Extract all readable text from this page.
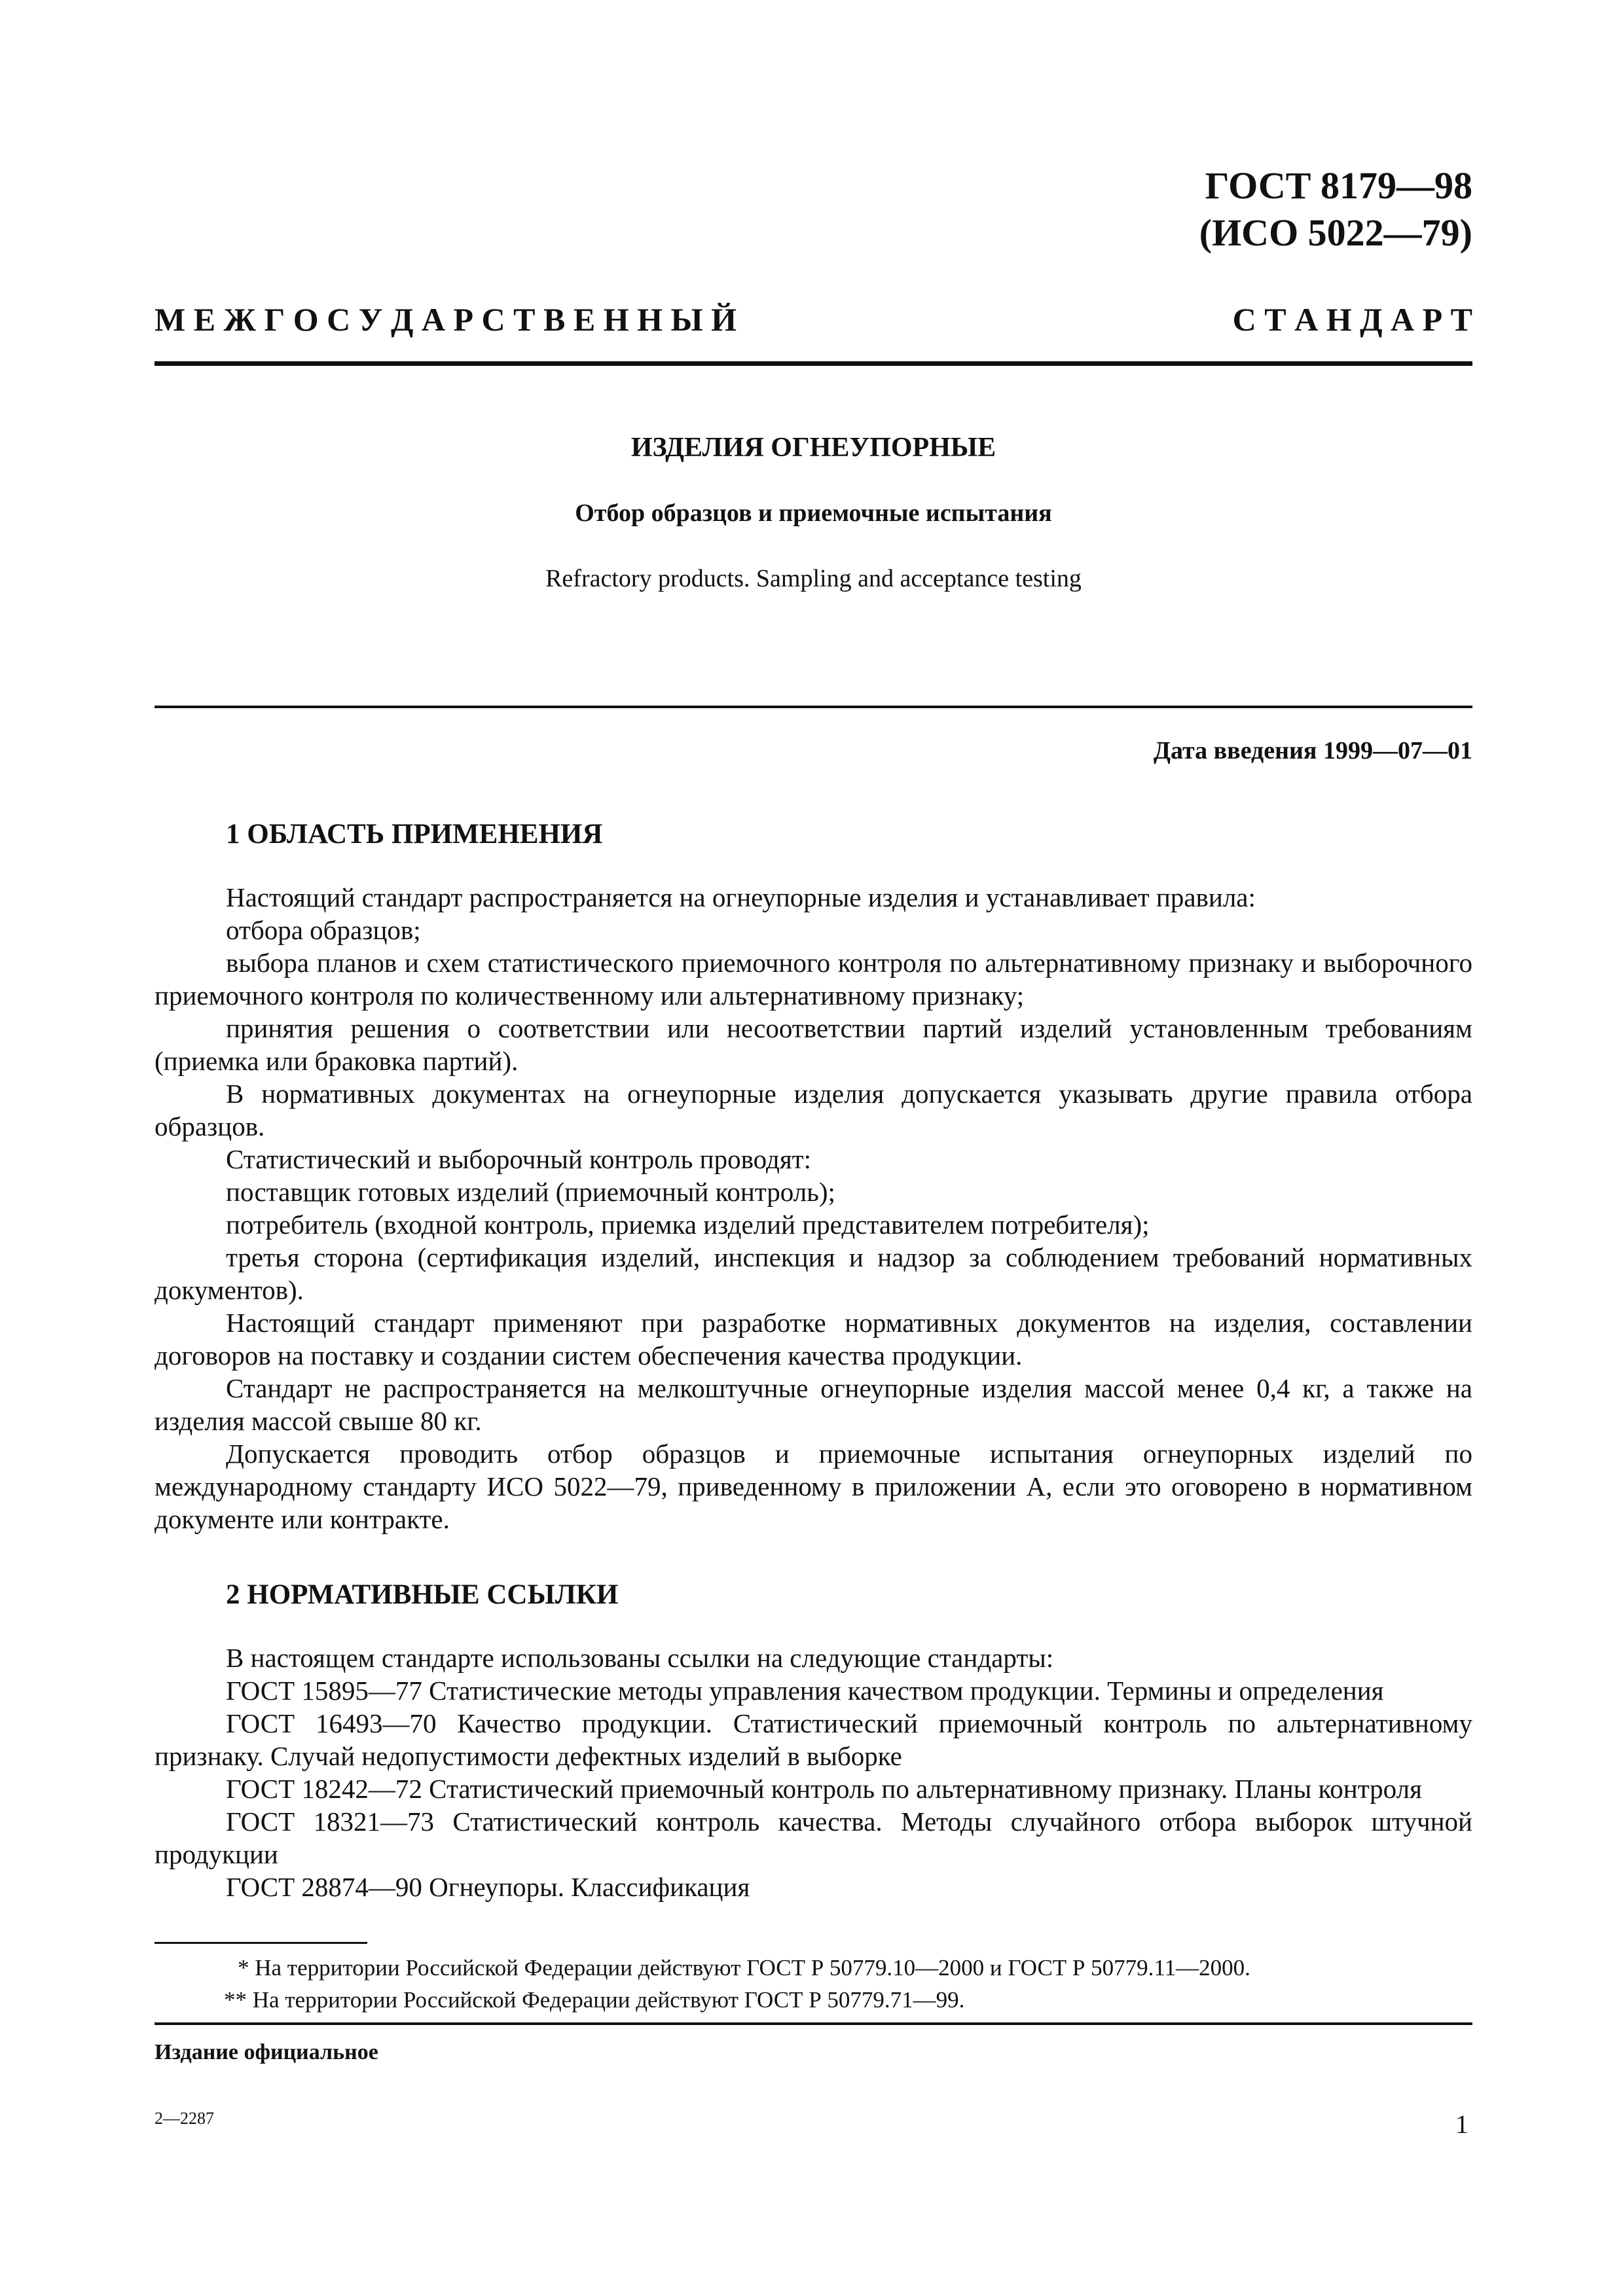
ГОСТ 8179—98
(ИСО 5022—79)
М Е Ж Г О С У Д А Р С Т В Е Н Н Ы Й	С Т А Н Д А Р Т
ИЗДЕЛИЯ ОГНЕУПОРНЫЕ
Отбор образцов и приемочные испытания
Refractory products. Sampling and acceptance testing
Дата введения 1999—07—01
1 ОБЛАСТЬ ПРИМЕНЕНИЯ

Настоящий стандарт распространяется на огнеупорные изделия и устанавливает правила:

отбора образцов;

выбора планов и схем статистического приемочного контроля по альтернативному признаку и выборочного приемочного контроля по количественному или альтернативному признаку;

принятия решения о соответствии или несоответствии партий изделий установленным требованиям (приемка или браковка партий).

В нормативных документах на огнеупорные изделия допускается указывать другие правила отбора образцов.

Статистический и выборочный контроль проводят:

поставщик готовых изделий (приемочный контроль);

потребитель (входной контроль, приемка изделий представителем потребителя);

третья сторона (сертификация изделий, инспекция и надзор за соблюдением требований нормативных документов).

Настоящий стандарт применяют при разработке нормативных документов на изделия, составлении договоров на поставку и создании систем обеспечения качества продукции.

Стандарт не распространяется на мелкоштучные огнеупорные изделия массой менее 0,4 кг, а также на изделия массой свыше 80 кг.

Допускается проводить отбор образцов и приемочные испытания огнеупорных изделий по международному стандарту ИСО 5022—79, приведенному в приложении А, если это оговорено в нормативном документе или контракте.

2 НОРМАТИВНЫЕ ССЫЛКИ

В настоящем стандарте использованы ссылки на следующие стандарты:

ГОСТ 15895—77 Статистические методы управления качеством продукции. Термины и определения

ГОСТ 16493—70 Качество продукции. Статистический приемочный контроль по альтернативному признаку. Случай недопустимости дефектных изделий в выборке

ГОСТ 18242—72 Статистический приемочный контроль по альтернативному признаку. Планы контроля

ГОСТ 18321—73 Статистический контроль качества. Методы случайного отбора выборок штучной продукции

ГОСТ 28874—90 Огнеупоры. Классификация

* На территории Российской Федерации действуют ГОСТ Р 50779.10—2000 и ГОСТ Р 50779.11—2000.

** На территории Российской Федерации действуют ГОСТ Р 50779.71—99.

Издание официальное
2—2287	1
